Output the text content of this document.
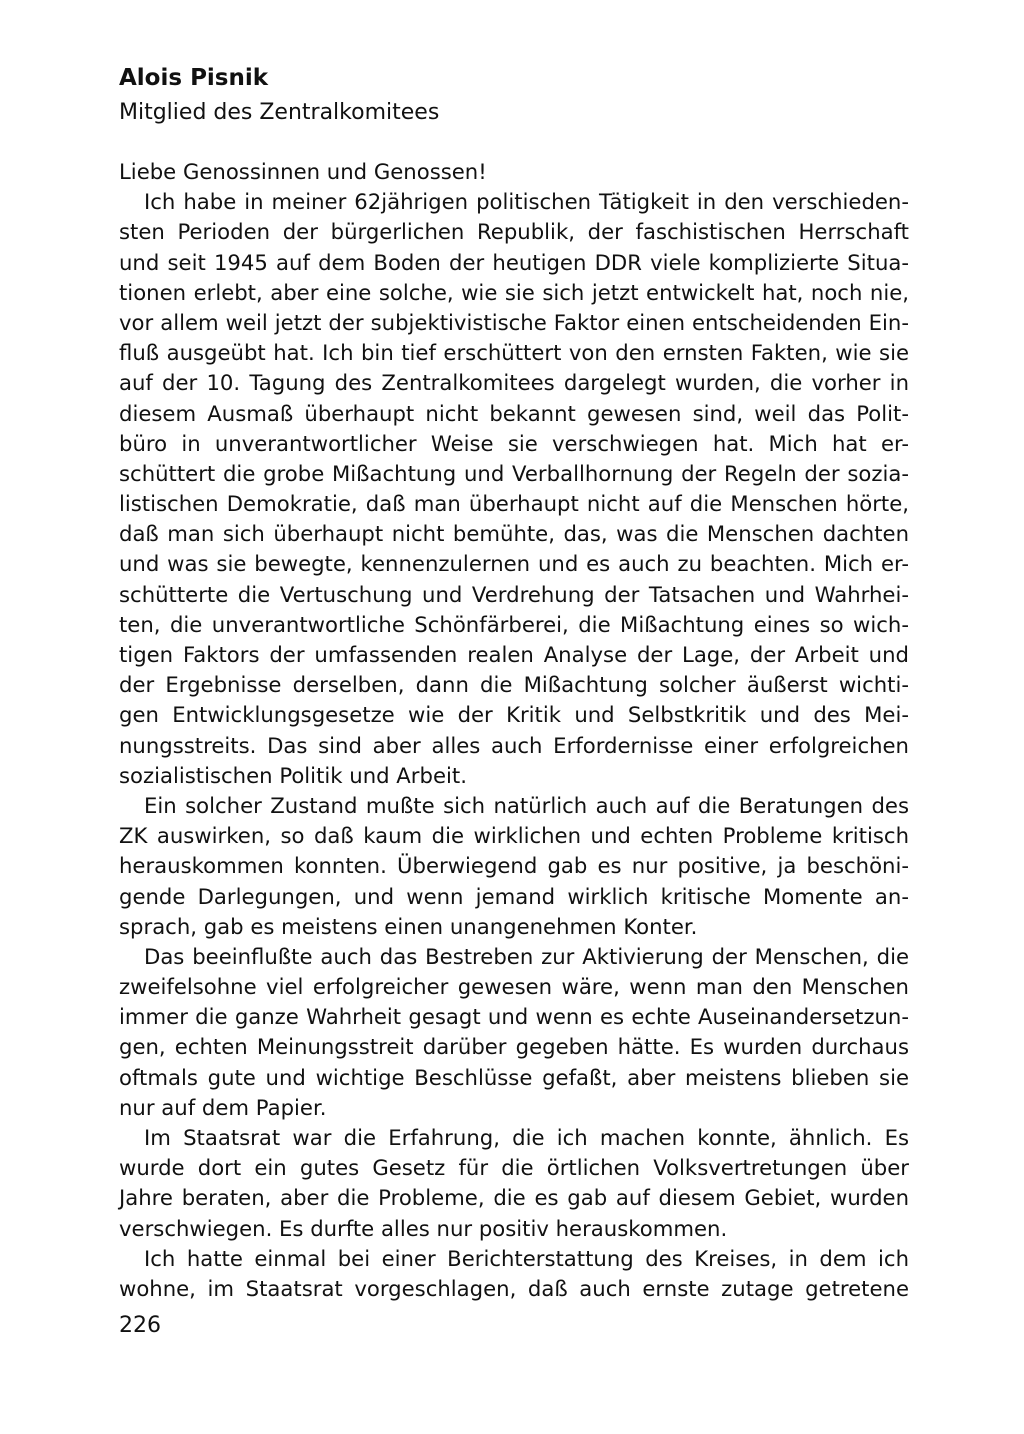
Alois Pisnik

Mitglied des Zentralkomitees

Liebe Genossinnen und Genossen!
Ich habe in meiner 62jährigen politischen Tätigkeit in den verschieden-
sten Perioden der bürgerlichen Republik, der faschistischen Herrschaft
und seit 1945 auf dem Boden der heutigen DDR viele komplizierte Situa-
tionen erlebt, aber eine solche, wie sie sich jetzt entwickelt hat, noch nie,
vor allem weil jetzt der subjektivistische Faktor einen entscheidenden Ein-
fluß ausgeübt hat. Ich bin tief erschüttert von den ernsten Fakten, wie sie
auf der 10. Tagung des Zentralkomitees dargelegt wurden, die vorher in
diesem Ausmaß überhaupt nicht bekannt gewesen sind, weil das Polit-
büro in unverantwortlicher Weise sie verschwiegen hat. Mich hat er-
schüttert die grobe Mißachtung und Verballhornung der Regeln der sozia-
listischen Demokratie, daß man überhaupt nicht auf die Menschen hörte,
daß man sich überhaupt nicht bemühte, das, was die Menschen dachten
und was sie bewegte, kennenzulernen und es auch zu beachten. Mich er-
schütterte die Vertuschung und Verdrehung der Tatsachen und Wahrhei-
ten, die unverantwortliche Schönfärberei, die Mißachtung eines so wich-
tigen Faktors der umfassenden realen Analyse der Lage, der Arbeit und
der Ergebnisse derselben, dann die Mißachtung solcher äußerst wichti-
gen Entwicklungsgesetze wie der Kritik und Selbstkritik und des Mei-
nungsstreits. Das sind aber alles auch Erfordernisse einer erfolgreichen
sozialistischen Politik und Arbeit.
Ein solcher Zustand mußte sich natürlich auch auf die Beratungen des
ZK auswirken, so daß kaum die wirklichen und echten Probleme kritisch
herauskommen konnten. Überwiegend gab es nur positive, ja beschöni-
gende Darlegungen, und wenn jemand wirklich kritische Momente an-
sprach, gab es meistens einen unangenehmen Konter.
Das beeinflußte auch das Bestreben zur Aktivierung der Menschen, die
zweifelsohne viel erfolgreicher gewesen wäre, wenn man den Menschen
immer die ganze Wahrheit gesagt und wenn es echte Auseinandersetzun-
gen, echten Meinungsstreit darüber gegeben hätte. Es wurden durchaus
oftmals gute und wichtige Beschlüsse gefaßt, aber meistens blieben sie
nur auf dem Papier.
Im Staatsrat war die Erfahrung, die ich machen konnte, ähnlich. Es
wurde dort ein gutes Gesetz für die örtlichen Volksvertretungen über
Jahre beraten, aber die Probleme, die es gab auf diesem Gebiet, wurden
verschwiegen. Es durfte alles nur positiv herauskommen.
Ich hatte einmal bei einer Berichterstattung des Kreises, in dem ich
wohne, im Staatsrat vorgeschlagen, daß auch ernste zutage getretene

226
